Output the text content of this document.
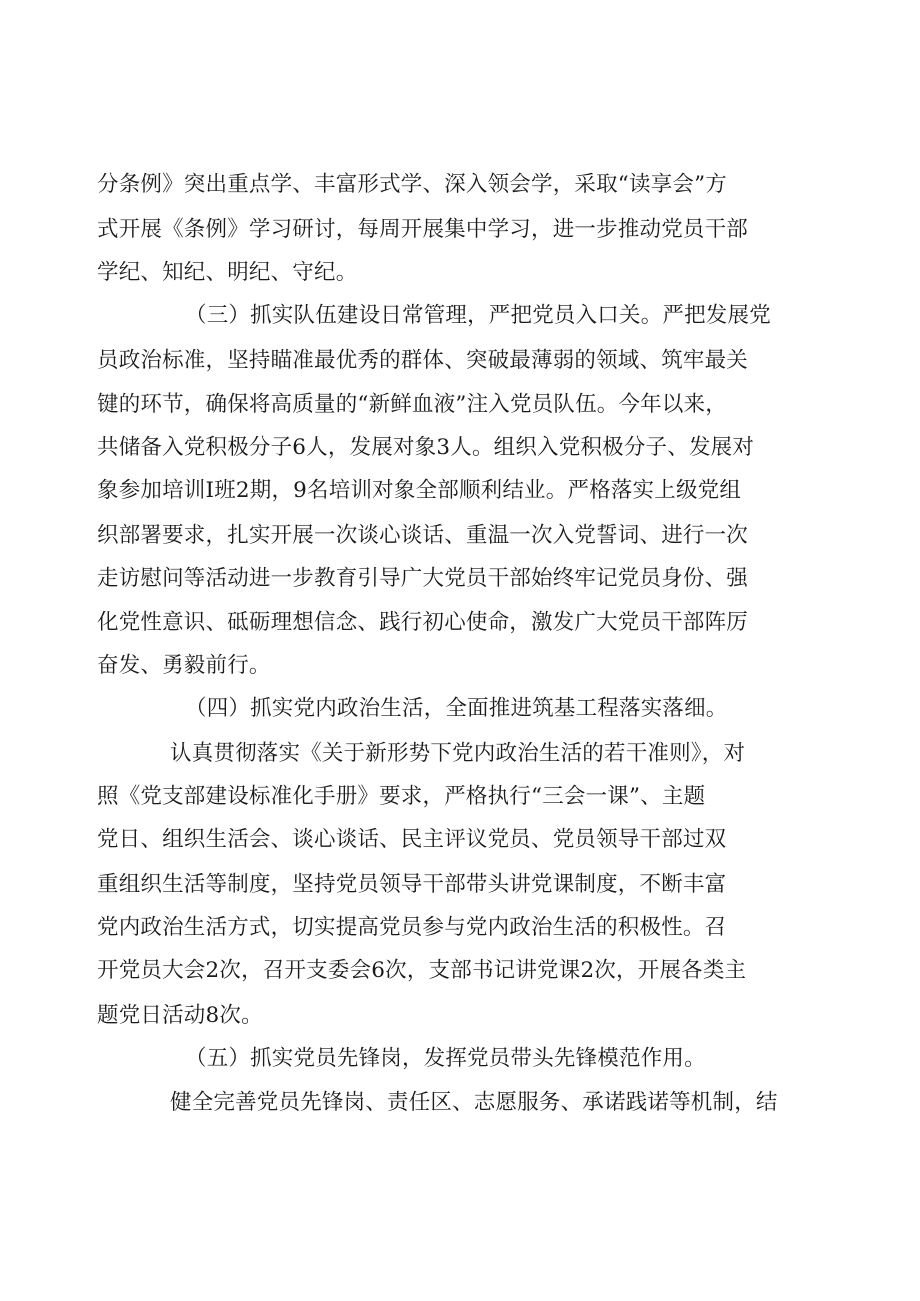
分条例》突出重点学、丰富形式学、深入领会学，采取“读享会”方
式开展《条例》学习研讨，每周开展集中学习，进一步推动党员干部
学纪、知纪、明纪、守纪。
（三）抓实队伍建设日常管理，严把党员入口关。严把发展党
员政治标准，坚持瞄准最优秀的群体、突破最薄弱的领域、筑牢最关
键的环节，确保将高质量的“新鲜血液”注入党员队伍。今年以来，
共储备入党积极分子6人，发展对象3人。组织入党积极分子、发展对
象参加培训I班2期，9名培训对象全部顺利结业。严格落实上级党组
织部署要求，扎实开展一次谈心谈话、重温一次入党誓词、进行一次
走访慰问等活动进一步教育引导广大党员干部始终牢记党员身份、强
化党性意识、砥砺理想信念、践行初心使命，激发广大党员干部阵厉
奋发、勇毅前行。
（四）抓实党内政治生活，全面推进筑基工程落实落细。
认真贯彻落实《关于新形势下党内政治生活的若干准则》，对
照《党支部建设标准化手册》要求，严格执行“三会一课”、主题
党日、组织生活会、谈心谈话、民主评议党员、党员领导干部过双
重组织生活等制度，坚持党员领导干部带头讲党课制度，不断丰富
党内政治生活方式，切实提高党员参与党内政治生活的积极性。召
开党员大会2次，召开支委会6次，支部书记讲党课2次，开展各类主
题党日活动8次。
（五）抓实党员先锋岗，发挥党员带头先锋模范作用。
健全完善党员先锋岗、责任区、志愿服务、承诺践诺等机制，结
